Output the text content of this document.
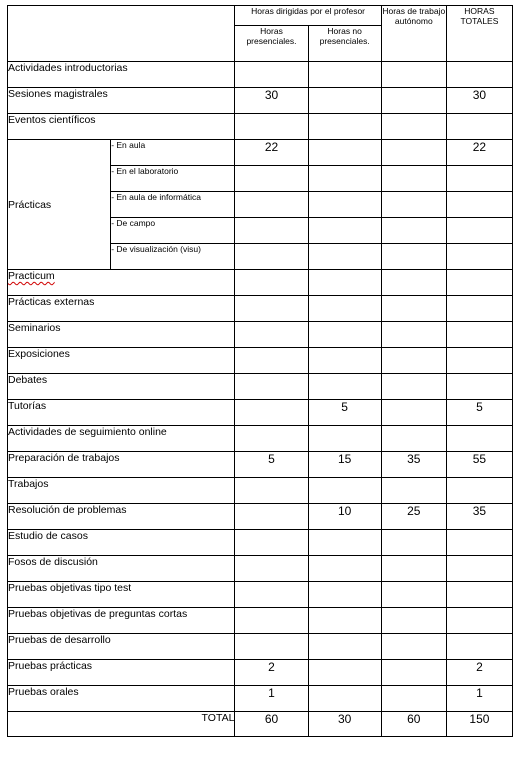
		Horas dirigidas por el profesor		Horas de trabajo autónomo	HORAS TOTALES
		Horas presenciales.	Horas no presenciales.		
Actividades introductorias					
Sesiones magistrales		30			30
Eventos científicos					
Prácticas	- En aula	22			22
	- En el laboratorio				
	- En aula de informática				
	- De campo				
	- De visualización (visu)				
Practicum					
Prácticas externas					
Seminarios					
Exposiciones					
Debates					
Tutorías			5		5
Actividades de seguimiento online					
Preparación de trabajos		5	15	35	55
Trabajos					
Resolución de problemas			10	25	35
Estudio de casos					
Fosos de discusión					
Pruebas objetivas tipo test					
Pruebas objetivas de preguntas cortas					
Pruebas de desarrollo					
Pruebas prácticas		2			2
Pruebas orales		1			1
TOTAL		60	30	60	150
